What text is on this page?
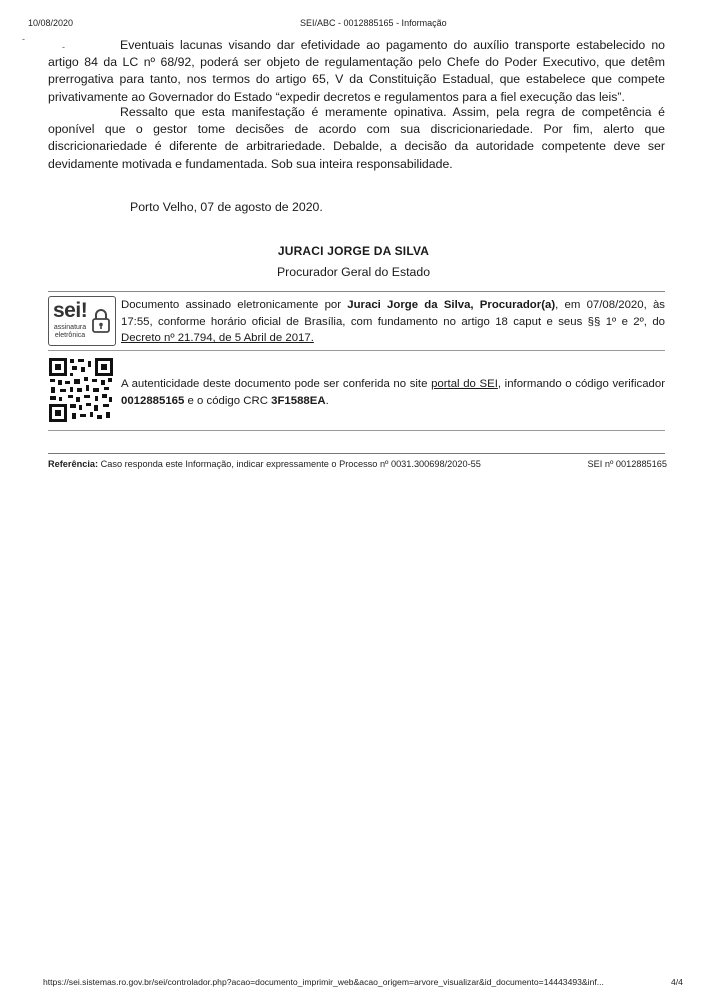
10/08/2020	SEI/ABC - 0012885165 - Informação
-
-	Eventuais lacunas visando dar efetividade ao pagamento do auxílio transporte estabelecido no artigo 84 da LC nº 68/92, poderá ser objeto de regulamentação pelo Chefe do Poder Executivo, que detêm prerrogativa para tanto, nos termos do artigo 65, V da Constituição Estadual, que estabelece que compete privativamente ao Governador do Estado “expedir decretos e regulamentos para a fiel execução das leis”.

Ressalto que esta manifestação é meramente opinativa. Assim, pela regra de competência é oponível que o gestor tome decisões de acordo com sua discricionariedade. Por fim, alerto que discricionariedade é diferente de arbitrariedade. Debalde, a decisão da autoridade competente deve ser devidamente motivada e fundamentada. Sob sua inteira responsabilidade.

Porto Velho, 07 de agosto de 2020.
JURACI JORGE DA SILVA
Procurador Geral do Estado
sei!
assinatura eletrônica

Documento assinado eletronicamente por Juraci Jorge da Silva, Procurador(a), em 07/08/2020, às 17:55, conforme horário oficial de Brasília, com fundamento no artigo 18 caput e seus §§ 1º e 2º, do Decreto nº 21.794, de 5 Abril de 2017.

A autenticidade deste documento pode ser conferida no site portal do SEI, informando o código verificador 0012885165 e o código CRC 3F1588EA.

Referência: Caso responda este Informação, indicar expressamente o Processo nº 0031.300698/2020-55	SEI nº 0012885165
https://sei.sistemas.ro.gov.br/sei/controlador.php?acao=documento_imprimir_web&acao_origem=arvore_visualizar&id_documento=14443493&inf...	4/4
